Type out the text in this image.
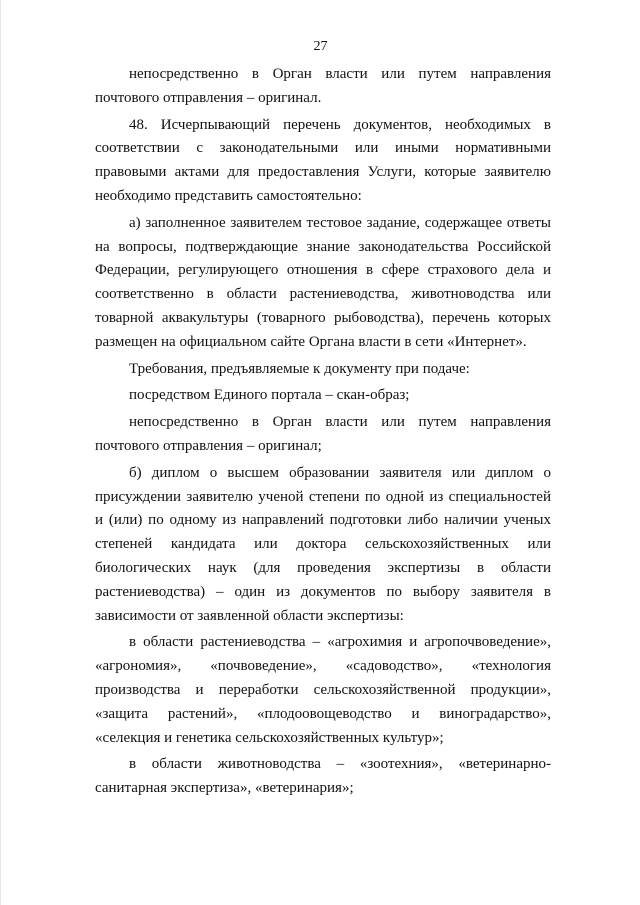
27

непосредственно в Орган власти или путем направления почтового отправления – оригинал.

48. Исчерпывающий перечень документов, необходимых в соответствии с законодательными или иными нормативными правовыми актами для предоставления Услуги, которые заявителю необходимо представить самостоятельно:

а) заполненное заявителем тестовое задание, содержащее ответы на вопросы, подтверждающие знание законодательства Российской Федерации, регулирующего отношения в сфере страхового дела и соответственно в области растениеводства, животноводства или товарной аквакультуры (товарного рыбоводства), перечень которых размещен на официальном сайте Органа власти в сети «Интернет».

Требования, предъявляемые к документу при подаче:

посредством Единого портала – скан-образ;

непосредственно в Орган власти или путем направления почтового отправления – оригинал;

б) диплом о высшем образовании заявителя или диплом о присуждении заявителю ученой степени по одной из специальностей и (или) по одному из направлений подготовки либо наличии ученых степеней кандидата или доктора сельскохозяйственных или биологических наук (для проведения экспертизы в области растениеводства) – один из документов по выбору заявителя в зависимости от заявленной области экспертизы:

в области растениеводства – «агрохимия и агропочвоведение», «агрономия», «почвоведение», «садоводство», «технология производства и переработки сельскохозяйственной продукции», «защита растений», «плодоовощеводство и виноградарство», «селекция и генетика сельскохозяйственных культур»;

в области животноводства – «зоотехния», «ветеринарно-санитарная экспертиза», «ветеринария»;
